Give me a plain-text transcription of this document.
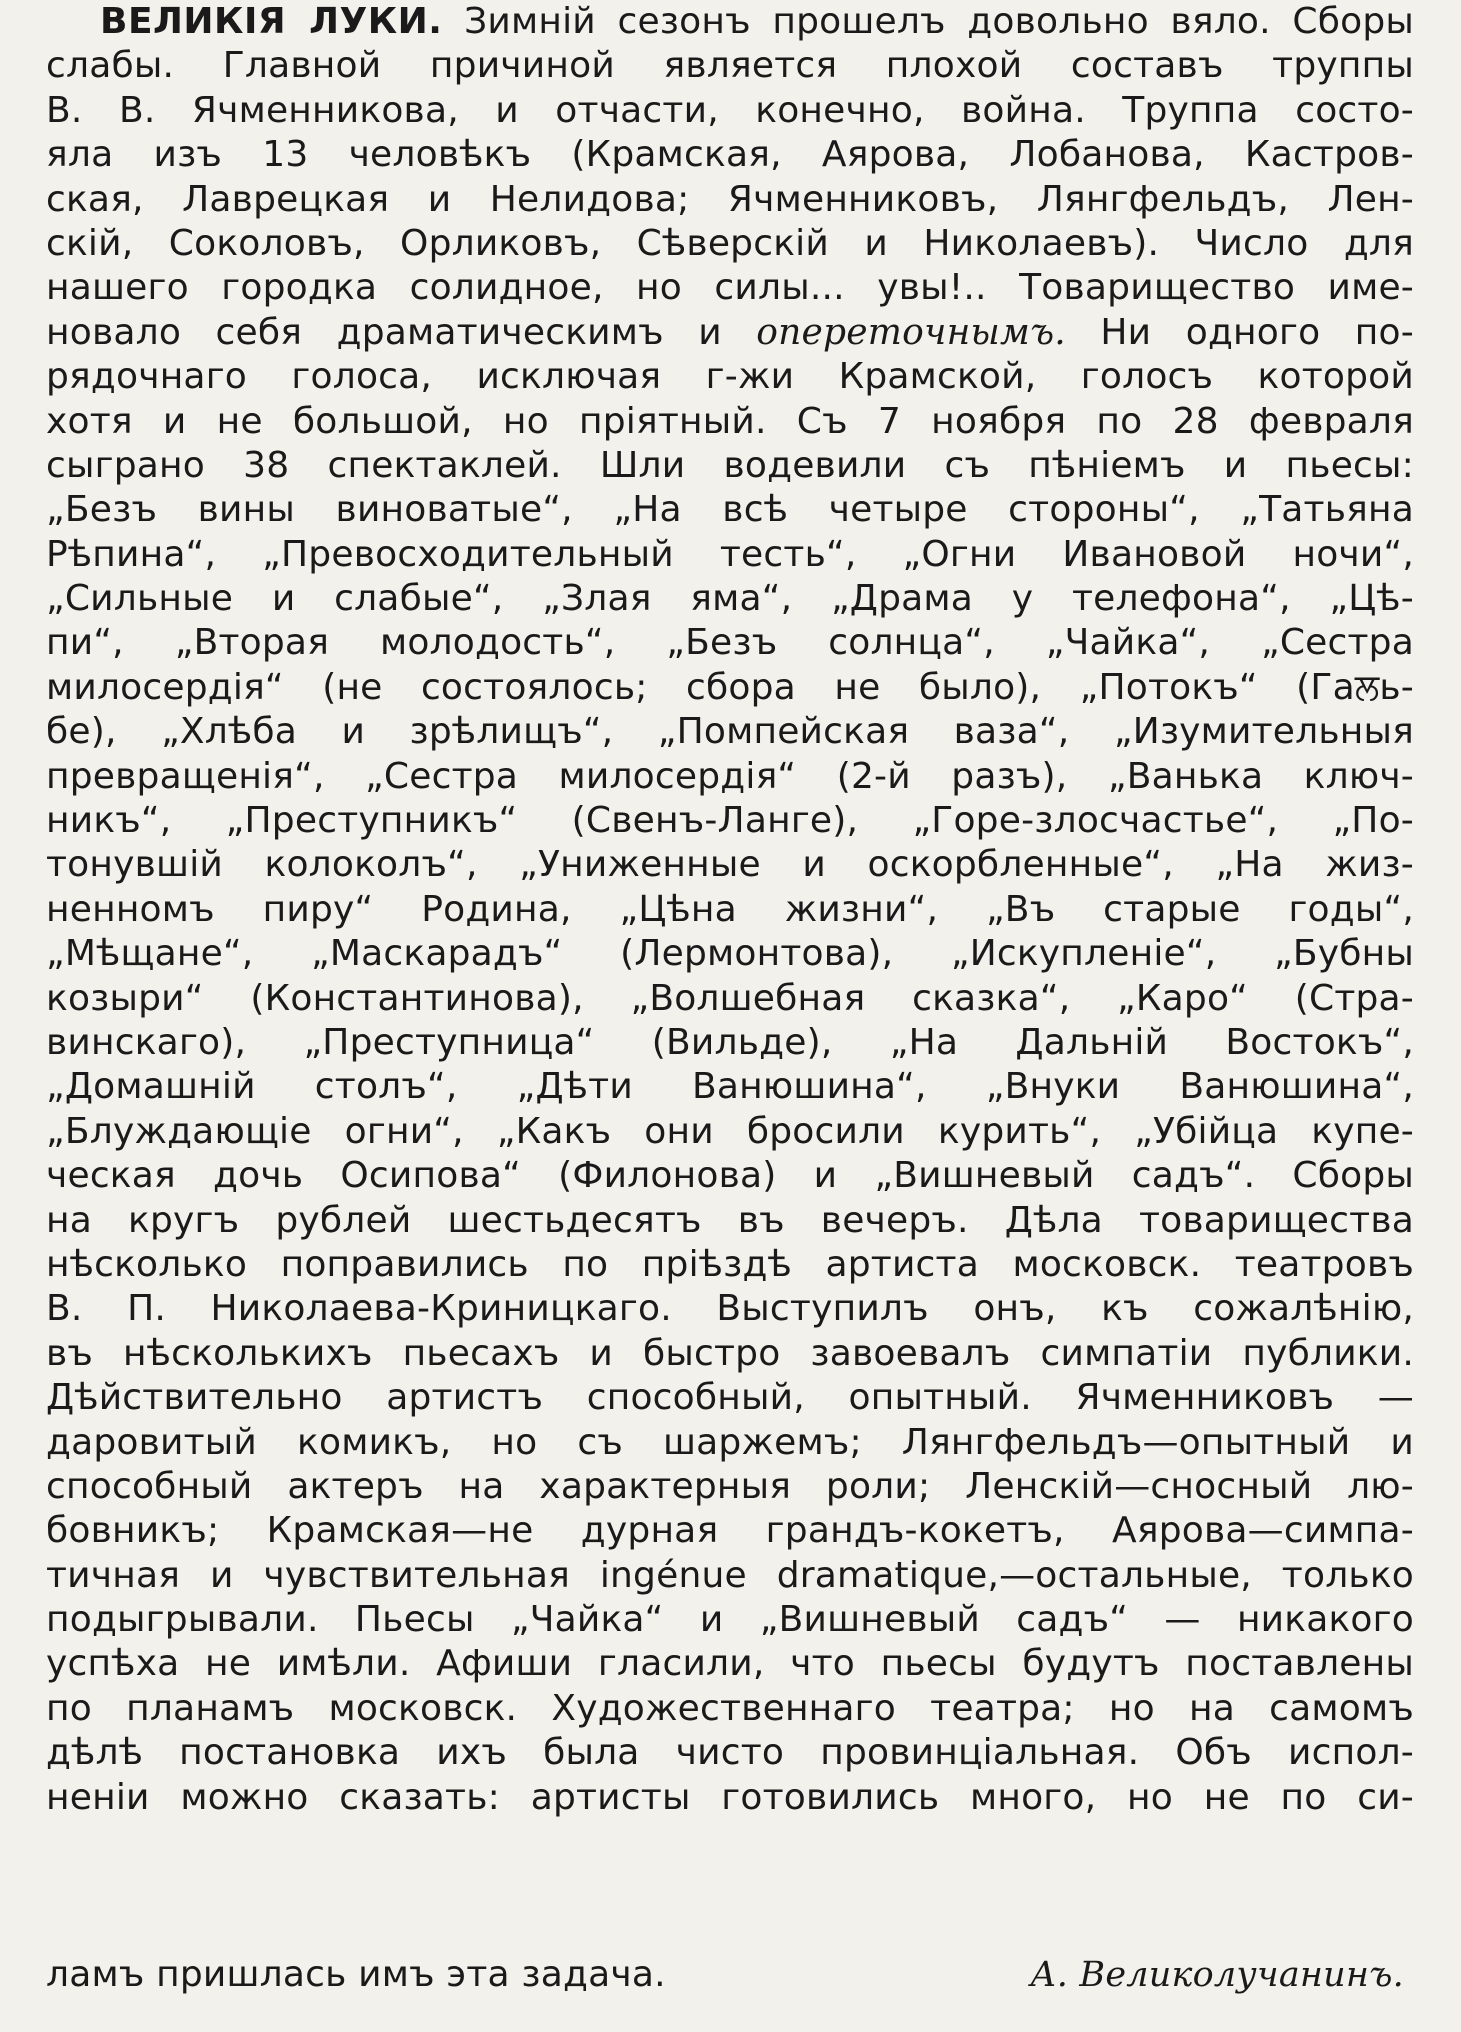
ВЕЛИКІЯ ЛУКИ. Зимній сезонъ прошелъ довольно вяло. Сборы
слабы. Главной причиной является плохой составъ труппы
В. В. Ячменникова, и отчасти, конечно, война. Труппа состо-
яла изъ 13 человѣкъ (Крамская, Аярова, Лобанова, Кастров-
ская, Лаврецкая и Нелидова; Ячменниковъ, Лянгфельдъ, Лен-
скій, Соколовъ, Орликовъ, Сѣверскій и Николаевъ). Число для
нашего городка солидное, но силы... увы!.. Товарищество име-
новало себя драматическимъ и опереточнымъ. Ни одного по-
рядочнаго голоса, исключая г-жи Крамской, голосъ которой
хотя и не большой, но пріятный. Съ 7 ноября по 28 февраля
сыграно 38 спектаклей. Шли водевили съ пѣніемъ и пьесы:
„Безъ вины виноватые“, „На всѣ четыре стороны“, „Татьяна
Рѣпина“, „Превосходительный тесть“, „Огни Ивановой ночи“,
„Сильные и слабые“, „Злая яма“, „Драма у телефона“, „Цѣ-
пи“, „Вторая молодость“, „Безъ солнца“, „Чайка“, „Сестра
милосердія“ (не состоялось; сбора не было), „Потокъ“ (Гаਲь-
бе), „Хлѣба и зрѣлищъ“, „Помпейская ваза“, „Изумительныя
превращенія“, „Сестра милосердія“ (2-й разъ), „Ванька ключ-
никъ“, „Преступникъ“ (Свенъ-Ланге), „Горе-злосчастье“, „По-
тонувшій колоколъ“, „Униженные и оскорбленные“, „На жиз-
ненномъ пиру“ Родина, „Цѣна жизни“, „Въ старые годы“,
„Мѣщане“, „Маскарадъ“ (Лермонтова), „Искупленіе“, „Бубны
козыри“ (Константинова), „Волшебная сказка“, „Каро“ (Стра-
винскаго), „Преступница“ (Вильде), „На Дальній Востокъ“,
„Домашній столъ“, „Дѣти Ванюшина“, „Внуки Ванюшина“,
„Блуждающіе огни“, „Какъ они бросили курить“, „Убійца купе-
ческая дочь Осипова“ (Филонова) и „Вишневый садъ“. Сборы
на кругъ рублей шестьдесятъ въ вечеръ. Дѣла товарищества
нѣсколько поправились по пріѣздѣ артиста московск. театровъ
В. П. Николаева-Криницкаго. Выступилъ онъ, къ сожалѣнію,
въ нѣсколькихъ пьесахъ и быстро завоевалъ симпатіи публики.
Дѣйствительно артистъ способный, опытный. Ячменниковъ —
даровитый комикъ, но съ шаржемъ; Лянгфельдъ—опытный и
способный актеръ на характерныя роли; Ленскій—сносный лю-
бовникъ; Крамская—не дурная грандъ-кокетъ, Аярова—симпа-
тичная и чувствительная ingénue dramatique,—остальные, только
подыгрывали. Пьесы „Чайка“ и „Вишневый садъ“ — никакого
успѣха не имѣли. Афиши гласили, что пьесы будутъ поставлены
по планамъ московск. Художественнаго театра; но на самомъ
дѣлѣ постановка ихъ была чисто провинціальная. Объ испол-
неніи можно сказать: артисты готовились много, но не по си-
ламъ пришлась имъ эта задача.	А. Великолучанинъ.
